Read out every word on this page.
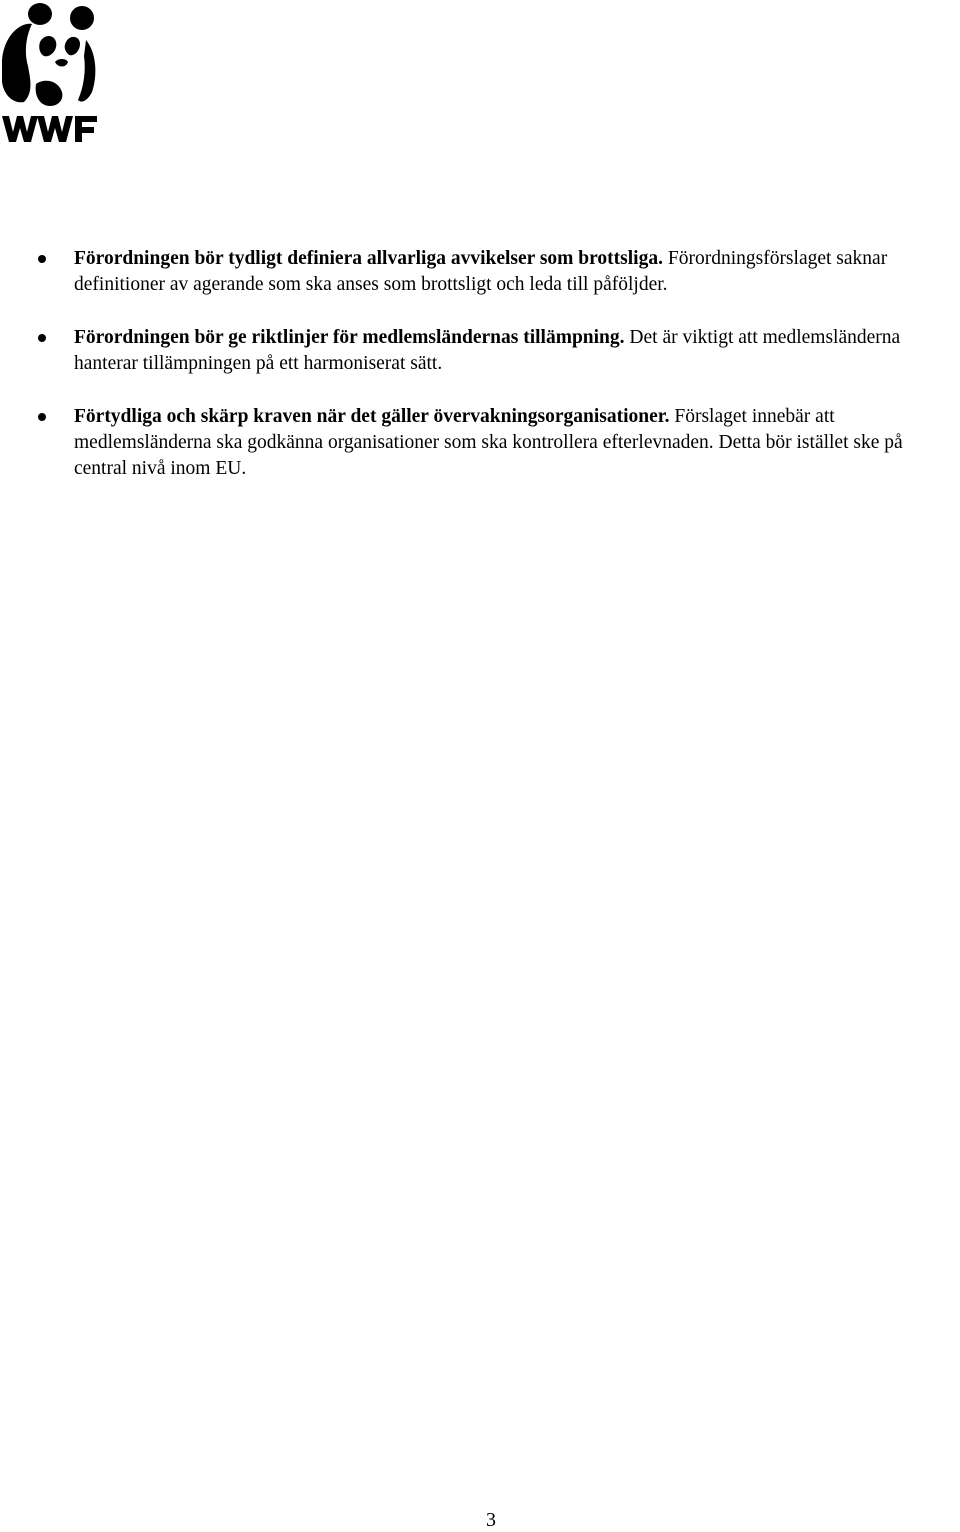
Förordningen bör tydligt definiera allvarliga avvikelser som brottsliga. Förordningsförslaget saknar definitioner av agerande som ska anses som brottsligt och leda till påföljder.
Förordningen bör ge riktlinjer för medlemsländernas tillämpning. Det är viktigt att medlemsländerna hanterar tillämpningen på ett harmoniserat sätt.
Förtydliga och skärp kraven när det gäller övervakningsorganisationer. Förslaget innebär att medlemsländerna ska godkänna organisationer som ska kontrollera efterlevnaden. Detta bör istället ske på central nivå inom EU.
3
